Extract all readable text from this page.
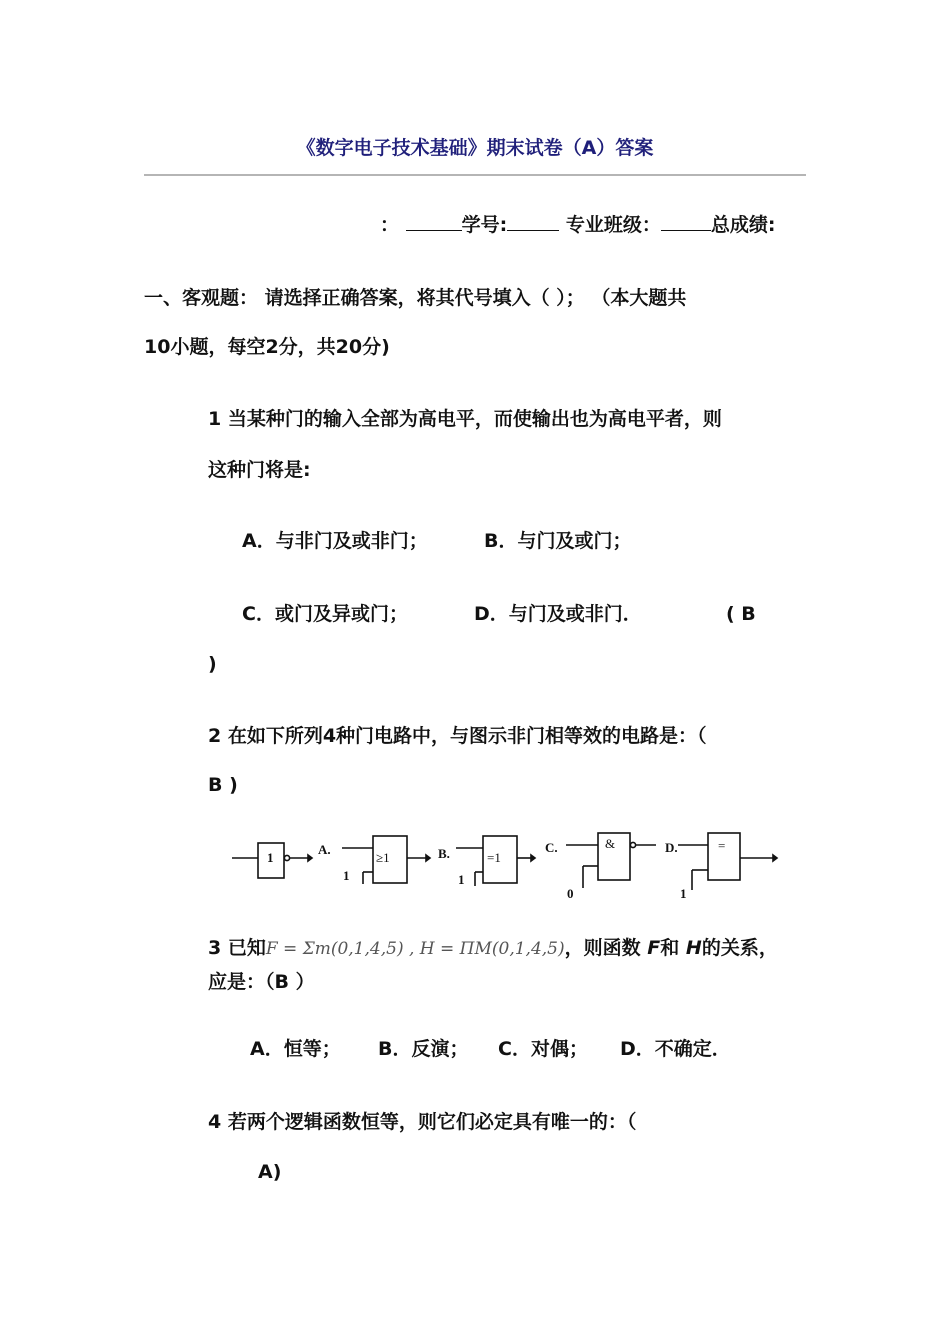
《数字电子技术基础》期末试卷（A）答案
：	学号:	专业班级：	总成绩:
一、客观题： 请选择正确答案，将其代号填入（ ）； （本大题共
10小题，每空2分，共20分)
1 当某种门的输入全部为高电平，而使输出也为高电平者，则
这种门将是:
A．与非门及或非门；	B．与门及或门；
C．或门及异或门；	D．与门及或非门．	( B
)
2 在如下所列4种门电路中，与图示非门相等效的电路是：（
B )
1
A.
≥1
1
B.	=1
1
C.	&
0
D.	=
1
3 已知F = Σm(0,1,4,5) , H = ΠM(0,1,4,5)，则函数 F和 H的关系，
应是：（B ）
A．恒等； B．反演； C．对偶； D．不确定．
4 若两个逻辑函数恒等，则它们必定具有唯一的：（
A)
